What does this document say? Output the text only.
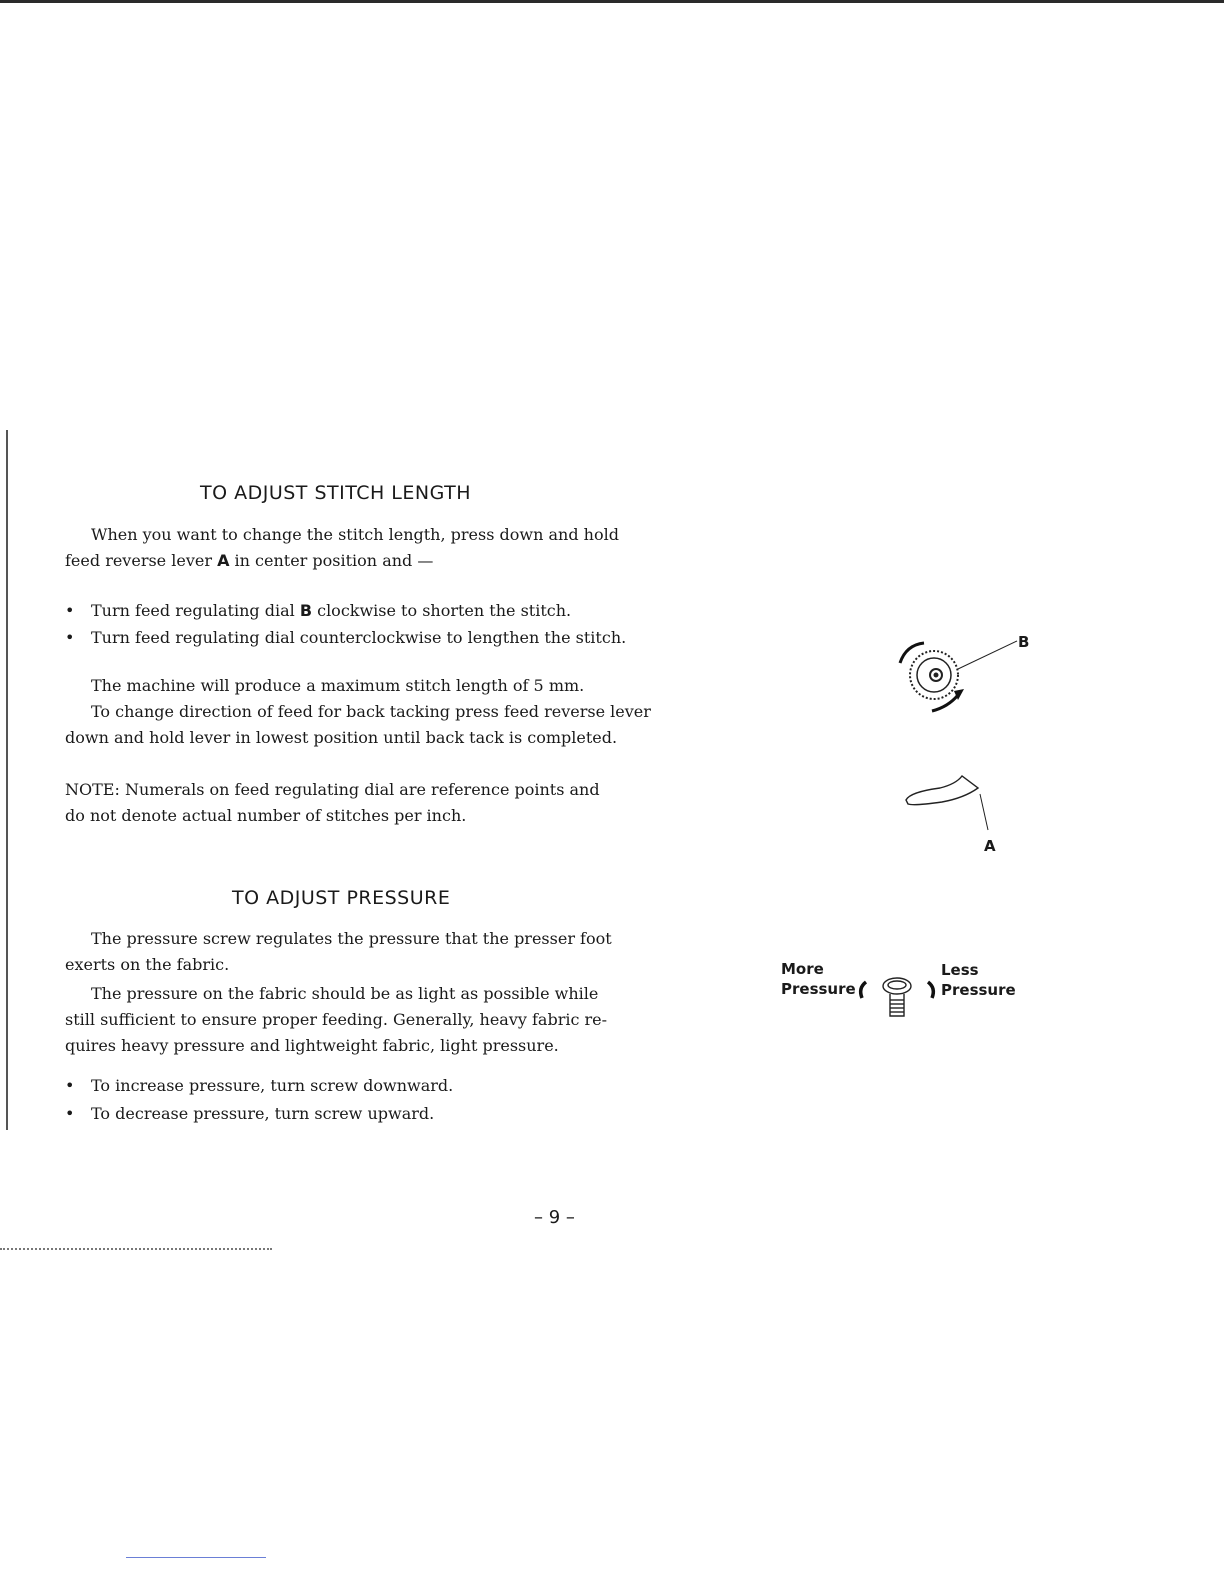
TO ADJUST STITCH LENGTH
When you want to change the stitch length, press down and hold
feed reverse lever A in center position and —
• Turn feed regulating dial B clockwise to shorten the stitch.
• Turn feed regulating dial counterclockwise to lengthen the stitch.
The machine will produce a maximum stitch length of 5 mm.
To change direction of feed for back tacking press feed reverse lever
down and hold lever in lowest position until back tack is completed.
NOTE: Numerals on feed regulating dial are reference points and
do not denote actual number of stitches per inch.
TO ADJUST PRESSURE
The pressure screw regulates the pressure that the presser foot
exerts on the fabric.
The pressure on the fabric should be as light as possible while
still sufficient to ensure proper feeding. Generally, heavy fabric re-
quires heavy pressure and lightweight fabric, light pressure.
• To increase pressure, turn screw downward.
• To decrease pressure, turn screw upward.
B
A
More
Pressure
Less
Pressure
– 9 –
